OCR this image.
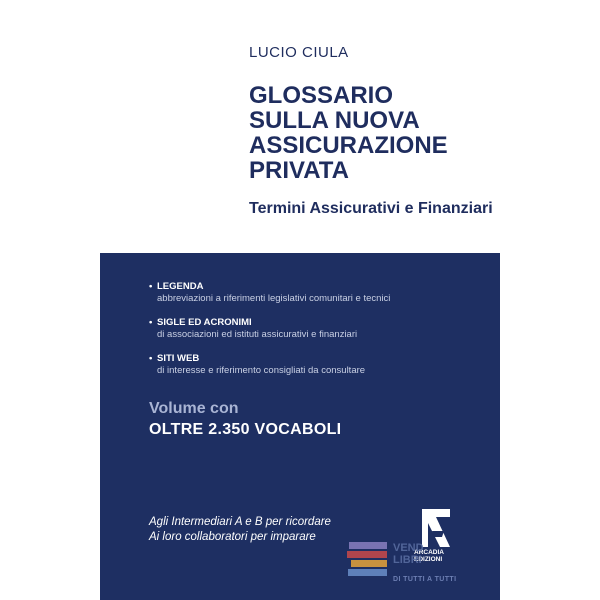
LUCIO CIULA
GLOSSARIO
SULLA NUOVA
ASSICURAZIONE
PRIVATA
Termini Assicurativi e Finanziari
• LEGENDA
abbreviazioni a riferimenti legislativi comunitari e tecnici
• SIGLE ED ACRONIMI
di associazioni ed istituti assicurativi e finanziari
• SITI WEB
di interesse e riferimento consigliati da consultare
Volume con
OLTRE 2.350 VOCABOLI
Agli Intermediari A e B per ricordare
Ai loro collaboratori per imparare
ARCADIA
EDIZIONI
VEND
LIBRI
DI TUTTI A TUTTI
